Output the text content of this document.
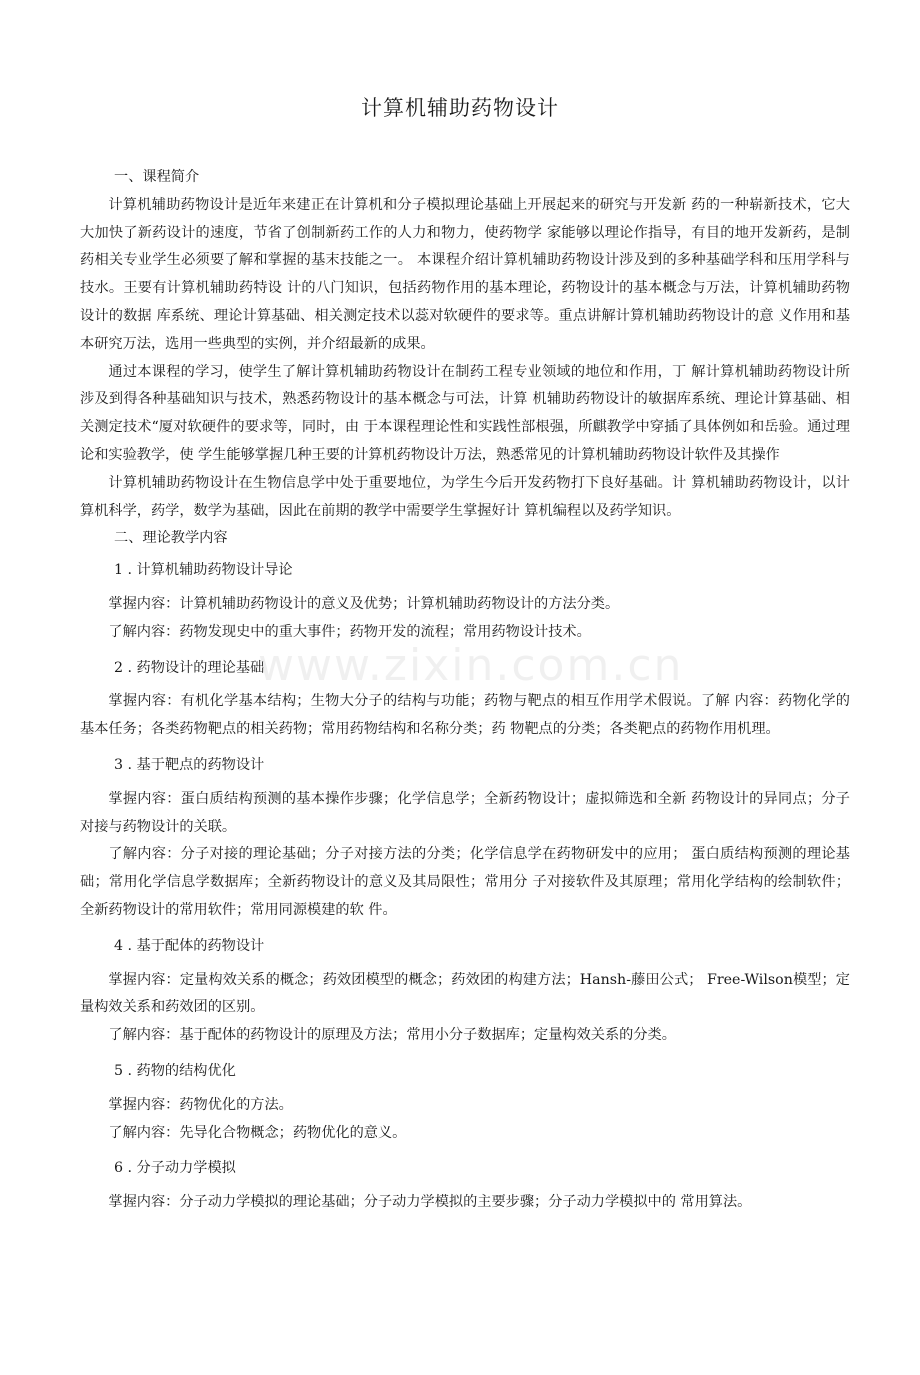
www.zixin.com.cn
计算机辅助药物设计

一、课程简介

计算机辅助药物设计是近年来建正在计算机和分子模拟理论基础上开展起来的研究与开发新 药的一种崭新技术，它大大加快了新药设计的速度，节省了创制新药工作的人力和物力，使药物学 家能够以理论作指导，有目的地开发新药，是制药相关专业学生必须要了解和掌握的基末技能之一。 本课程介绍计算机辅助药物设计涉及到的多种基础学科和压用学科与技水。王要有计算机辅助药特设 计的八门知识，包括药物作用的基本理论，药物设计的基本概念与万法，计算机辅助药物设计的数据 库系统、理论计算基础、相关测定技术以蕊对软硬件的要求等。重点讲解计算机辅助药物设计的意 义作用和基本研究万法，选用一些典型的实例，并介绍最新的成果。

通过本课程的学习，使学生了解计算机辅助药物设计在制药工程专业领域的地位和作用，丁 解计算机辅助药物设计所涉及到得各种基础知识与技术，熟悉药物设计的基本概念与可法，计算 机辅助药物设计的敏据库系统、理论计算基础、相关测定技术“厦对软硬件的要求等，同时，由 于本课程理论性和实践性部根强，所麒教学中穿插了具体例如和岳验。通过理论和实验教学，使 学生能够掌握几种王要的计算机药物设计万法，熟悉常见的计算机辅助药物设计软件及其操作

计算机辅助药物设计在生物信息学中处于重要地位，为学生今后开发药物打下良好基础。计 算机辅助药物设计，以计算机科学，药学，数学为基础，因此在前期的教学中需要学生掌握好计 算机编程以及药学知识。

二、理论教学内容

1 . 计算机辅助药物设计导论

掌握内容：计算机辅助药物设计的意义及优势；计算机辅助药物设计的方法分类。

了解内容：药物发现史中的重大事件；药物开发的流程；常用药物设计技术。

2 . 药物设计的理论基础

掌握内容：有机化学基本结构；生物大分子的结构与功能；药物与靶点的相互作用学术假说。了解 内容：药物化学的基本任务；各类药物靶点的相关药物；常用药物结构和名称分类；药 物靶点的分类；各类靶点的药物作用机理。

3 . 基于靶点的药物设计

掌握内容：蛋白质结构预测的基本操作步骤；化学信息学；全新药物设计；虚拟筛选和全新 药物设计的异同点；分子对接与药物设计的关联。

了解内容：分子对接的理论基础；分子对接方法的分类；化学信息学在药物研发中的应用； 蛋白质结构预测的理论基础；常用化学信息学数据库；全新药物设计的意义及其局限性；常用分 子对接软件及其原理；常用化学结构的绘制软件；全新药物设计的常用软件；常用同源模建的软 件。

4 . 基于配体的药物设计

掌握内容：定量构效关系的概念；药效团模型的概念；药效团的构建方法；Hansh-藤田公式； Free-Wilson模型；定量构效关系和药效团的区别。

了解内容：基于配体的药物设计的原理及方法；常用小分子数据库；定量构效关系的分类。

5 . 药物的结构优化

掌握内容：药物优化的方法。

了解内容：先导化合物概念；药物优化的意义。

6 . 分子动力学模拟

掌握内容：分子动力学模拟的理论基础；分子动力学模拟的主要步骤；分子动力学模拟中的 常用算法。
